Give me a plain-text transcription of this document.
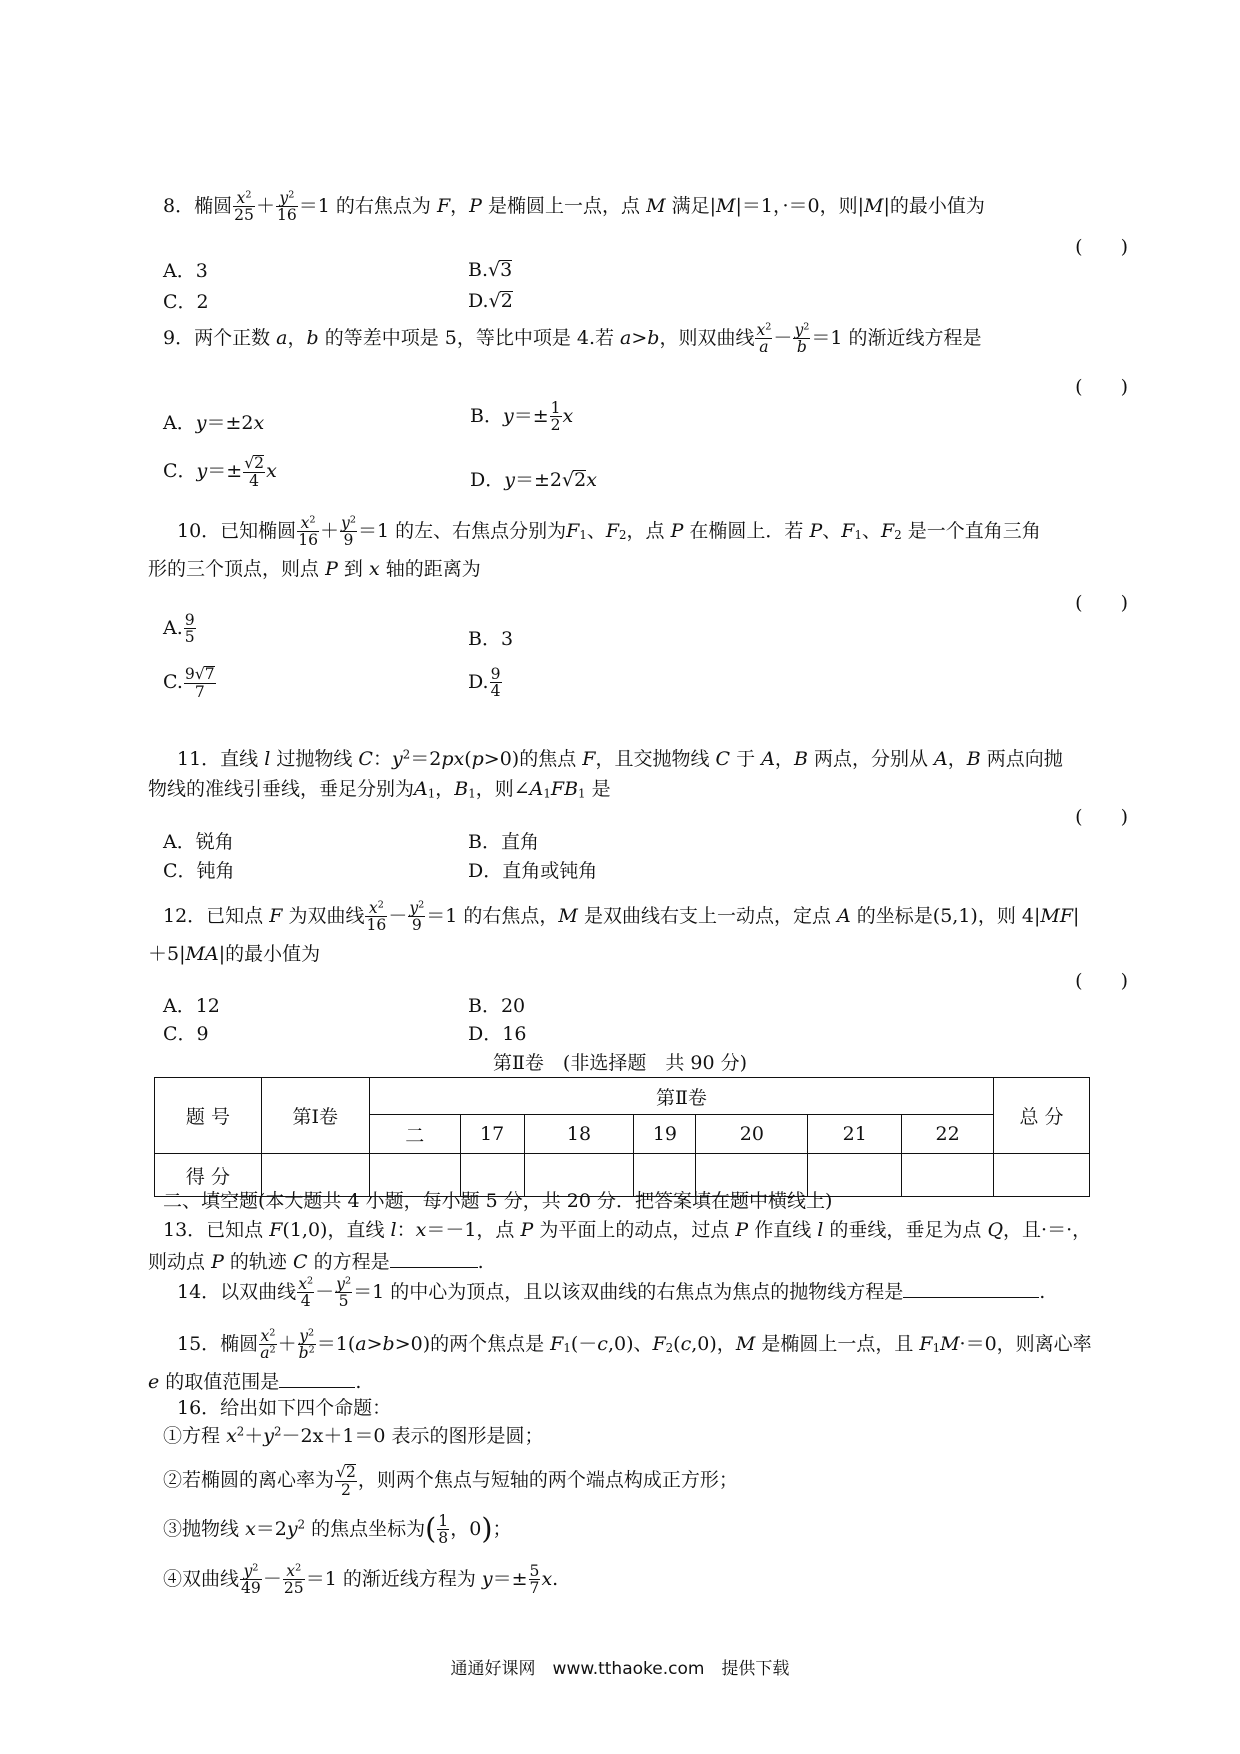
8．椭圆 $\frac{x^2}{25} + \frac{y^2}{16} =1$ 的右焦点为 F，P 是椭圆上一点，点 M 满足|M|＝1，·＝0，则|M|的最小值为
(　　)
A．3	B.√3
C．2	D.√2
9．两个正数 a，b 的等差中项是 5，等比中项是 4.若 a>b，则双曲线 $\frac{x^2}{a} - \frac{y^2}{b} =1$ 的渐近线方程是
(　　)
A．y＝±2x	B．$y=\pm \frac{1}{2}$ x
C．$y=\pm \frac{√2}{4}$ x	D．y＝±2√2x
10．已知椭圆 $\frac{x^2}{16} + \frac{y^2}{9} =1$ 的左、右焦点分别为$F_1$、$F_2$，点 P 在椭圆上．若 P、$F_1$、$F_2$ 是一个直角三角
形的三个顶点，则点 P 到 x 轴的距离为
(　　)
A. $\frac{9}{5}$	B．3
C. $\frac{9√7}{7}$	D. $\frac{9}{4}$
11．直线 l 过抛物线 C：$y^2=2px(p>0)$的焦点 F，且交抛物线 C 于 A，B 两点，分别从 A，B 两点向抛
物线的准线引垂线，垂足分别为$A_1$，$B_1$，则$\angle A_1FB_1$ 是
(　　)
A．锐角	B．直角
C．钝角	D．直角或钝角
12．已知点 F 为双曲线 $\frac{x^2}{16} - \frac{y^2}{9} =1$ 的右焦点，M 是双曲线右支上一动点，定点 A 的坐标是(5,1)，则 4|MF|
＋5|MA|的最小值为
(　　)
A．12	B．20
C．9	D．16
第Ⅱ卷　(非选择题　共 90 分)
题 号	第Ⅰ卷	第Ⅱ卷							总 分
		二	17	18	19	20	21	22	
得 分									
二、填空题(本大题共 4 小题，每小题 5 分，共 20 分．把答案填在题中横线上)
13．已知点 F(1,0)，直线 l：x＝－1，点 P 为平面上的动点，过点 P 作直线 l 的垂线，垂足为点 Q，且·＝·，
则动点 P 的轨迹 C 的方程是	.
14．以双曲线 $\frac{x^2}{4} - \frac{y^2}{5} =1$ 的中心为顶点，且以该双曲线的右焦点为焦点的抛物线方程是	.
15．椭圆 $\frac{x^2}{a^2} + \frac{y^2}{b^2} =1(a>b>0)$的两个焦点是 $F_1(-c,0)$、$F_2(c,0)$，M 是椭圆上一点，且 $F_1M\cdot=0$，则离心率
e 的取值范围是	.
16．给出如下四个命题：
①方程 $x^2+y^2-2x+1=0$ 表示的图形是圆；
②若椭圆的离心率为 $\frac{√2}{2}$ ，则两个焦点与短轴的两个端点构成正方形；
③抛物线 $x=2y^2$ 的焦点坐标为( $\frac{1}{8}$ ，0)；
④双曲线 $\frac{y^2}{49} - \frac{x^2}{25} =1$ 的渐近线方程为 $y=\pm \frac{5}{7} x$.
通通好课网　www.tthaoke.com　提供下载
